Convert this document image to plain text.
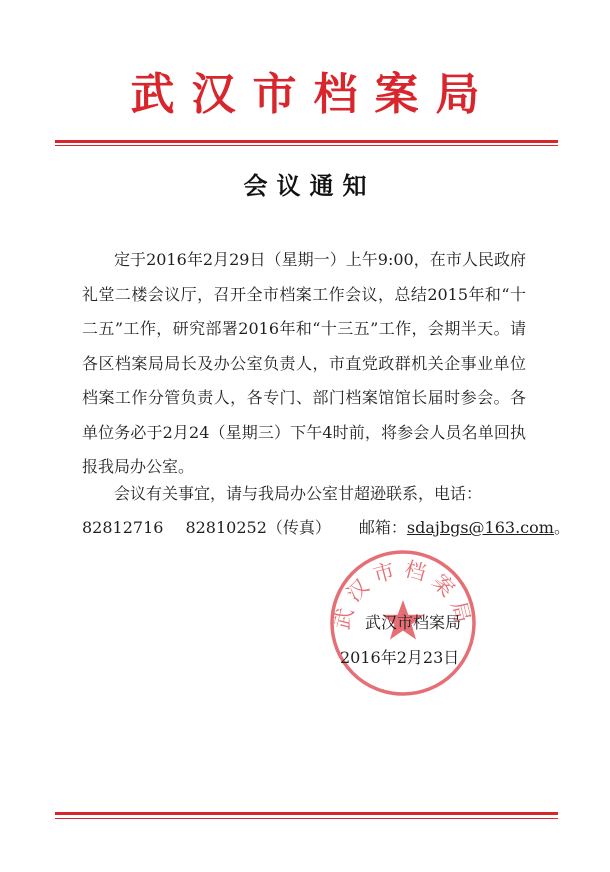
武汉市档案局
会议通知

定于2016年2月29日（星期一）上午9:00，在市人民政府礼堂二楼会议厅，召开全市档案工作会议，总结2015年和“十二五”工作，研究部署2016年和“十三五”工作，会期半天。请各区档案局局长及办公室负责人，市直党政群机关企事业单位档案工作分管负责人，各专门、部门档案馆馆长届时参会。各单位务必于2月24（星期三）下午4时前，将参会人员名单回执报我局办公室。

会议有关事宜，请与我局办公室甘超逊联系，电话：

82812716 82810252（传真） 邮箱：sdajbgs@163.com。
武汉市档案局
武汉市档案局
2016年2月23日
